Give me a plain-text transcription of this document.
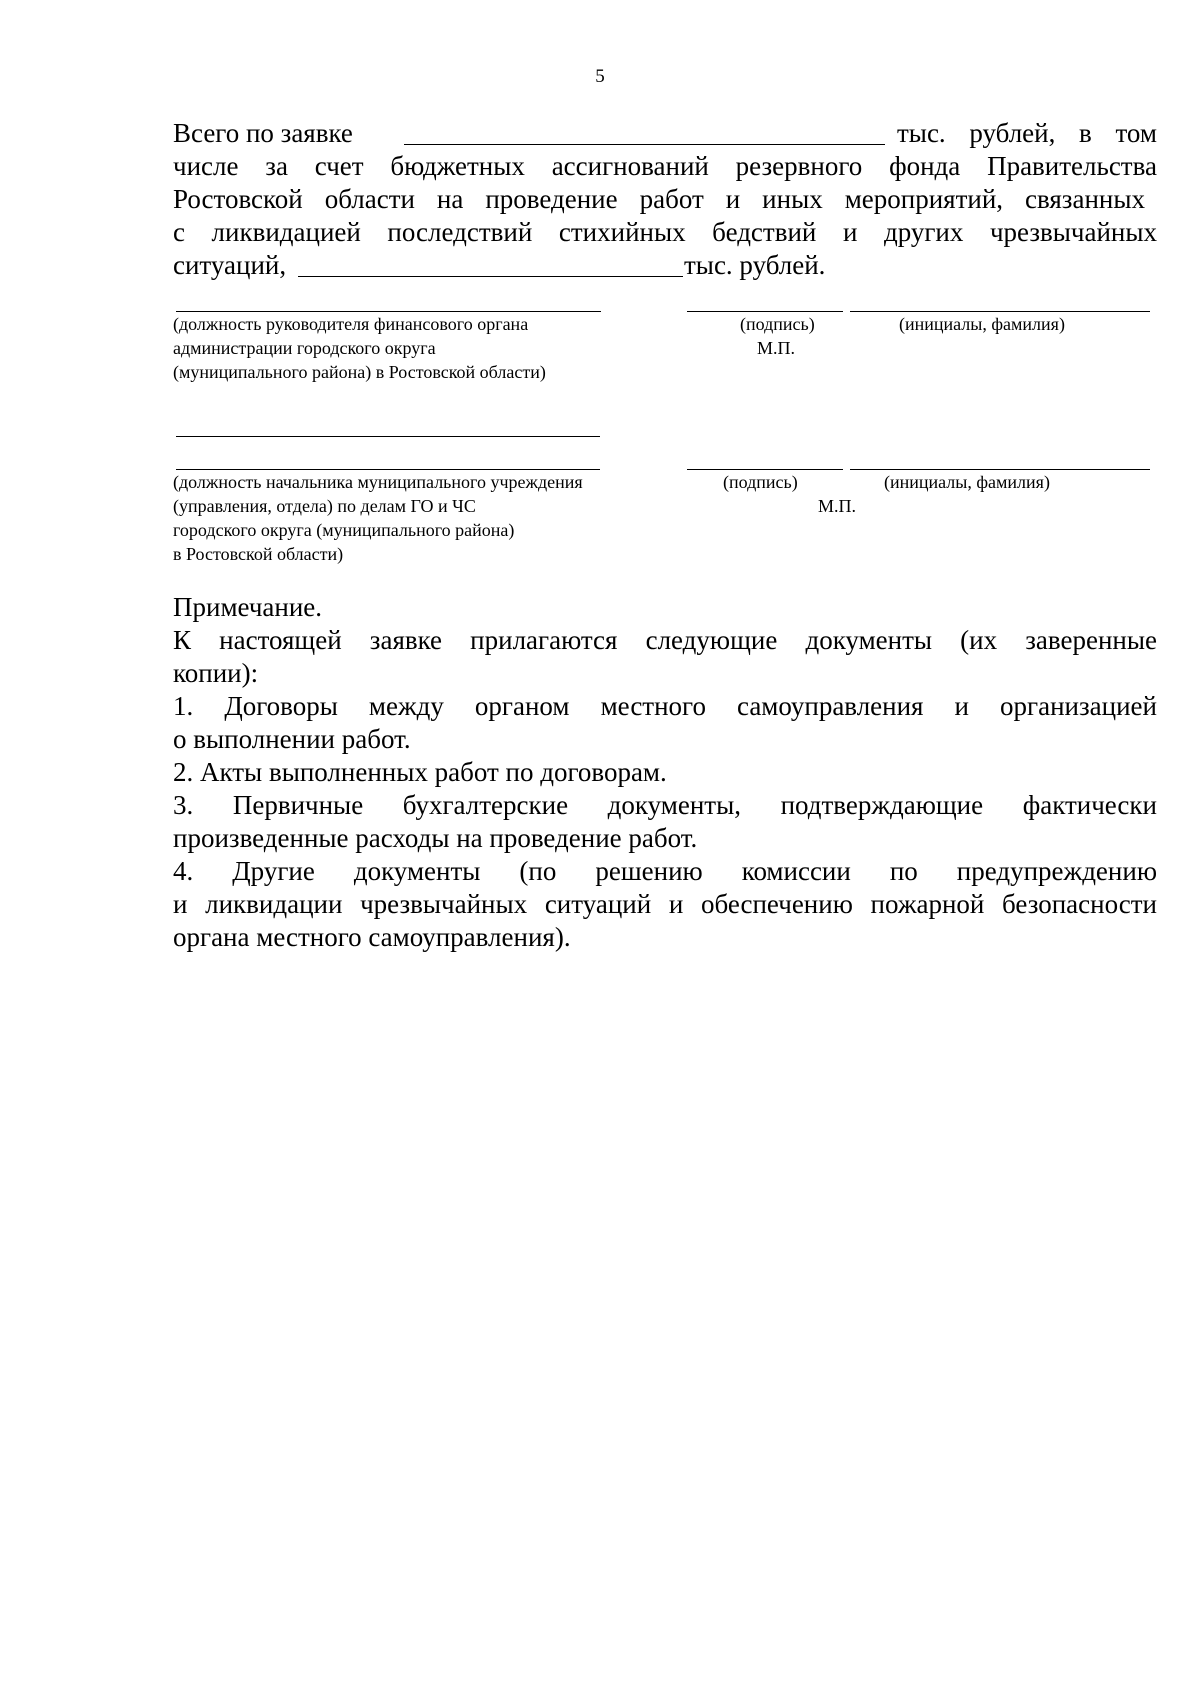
5
Всего по заявке	тыс. рублей, в том
числе за счет бюджетных ассигнований резервного фонда Правительства
Ростовской области на проведение работ и иных мероприятий, связанных
с ликвидацией последствий стихийных бедствий и других чрезвычайных
ситуаций,	тыс. рублей.
(должность руководителя финансового органа
администрации городского округа
(муниципального района) в Ростовской области)
(подпись)
М.П.
(инициалы, фамилия)
(должность начальника муниципального учреждения
(управления, отдела) по делам ГО и ЧС
городского округа (муниципального района)
в Ростовской области)
(подпись)
М.П.
(инициалы, фамилия)
Примечание.
К настоящей заявке прилагаются следующие документы (их заверенные
копии):
1. Договоры между органом местного самоуправления и организацией
о выполнении работ.
2. Акты выполненных работ по договорам.
3. Первичные бухгалтерские документы, подтверждающие фактически
произведенные расходы на проведение работ.
4. Другие документы (по решению комиссии по предупреждению
и ликвидации чрезвычайных ситуаций и обеспечению пожарной безопасности
органа местного самоуправления).
